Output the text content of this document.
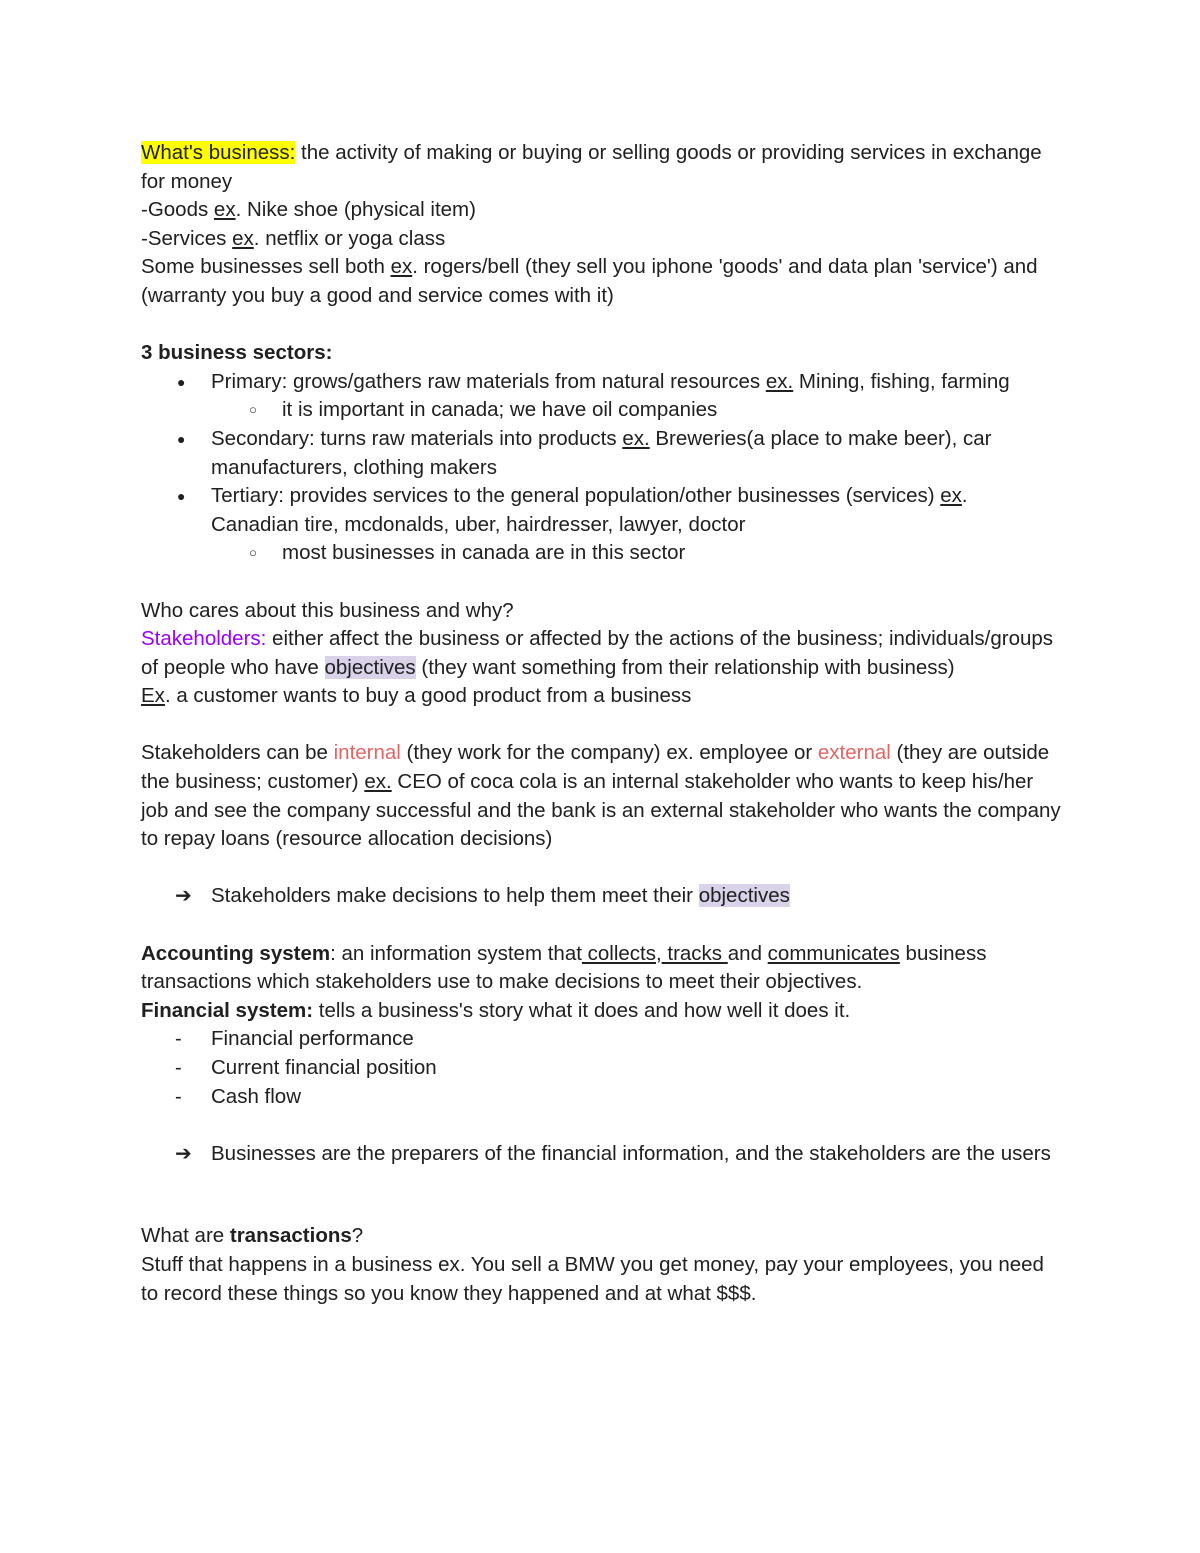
What's business: the activity of making or buying or selling goods or providing services in exchange for money

-Goods ex. Nike shoe (physical item)

-Services ex. netflix or yoga class

Some businesses sell both ex. rogers/bell (they sell you iphone 'goods' and data plan 'service') and (warranty you buy a good and service comes with it)

3 business sectors:

● Primary: grows/gathers raw materials from natural resources ex. Mining, fishing, farming
○ it is important in canada; we have oil companies
● Secondary: turns raw materials into products ex. Breweries(a place to make beer), car manufacturers, clothing makers
● Tertiary: provides services to the general population/other businesses (services) ex. Canadian tire, mcdonalds, uber, hairdresser, lawyer, doctor
○ most businesses in canada are in this sector

Who cares about this business and why?

Stakeholders: either affect the business or affected by the actions of the business; individuals/groups of people who have objectives (they want something from their relationship with business)

Ex. a customer wants to buy a good product from a business

Stakeholders can be internal (they work for the company) ex. employee or external (they are outside the business; customer) ex. CEO of coca cola is an internal stakeholder who wants to keep his/her job and see the company successful and the bank is an external stakeholder who wants the company to repay loans (resource allocation decisions)

➔ Stakeholders make decisions to help them meet their objectives

Accounting system: an information system that collects, tracks and communicates business transactions which stakeholders use to make decisions to meet their objectives.

Financial system: tells a business's story what it does and how well it does it.

- Financial performance
- Current financial position
- Cash flow
➔ Businesses are the preparers of the financial information, and the stakeholders are the users

What are transactions?

Stuff that happens in a business ex. You sell a BMW you get money, pay your employees, you need to record these things so you know they happened and at what $$$.
